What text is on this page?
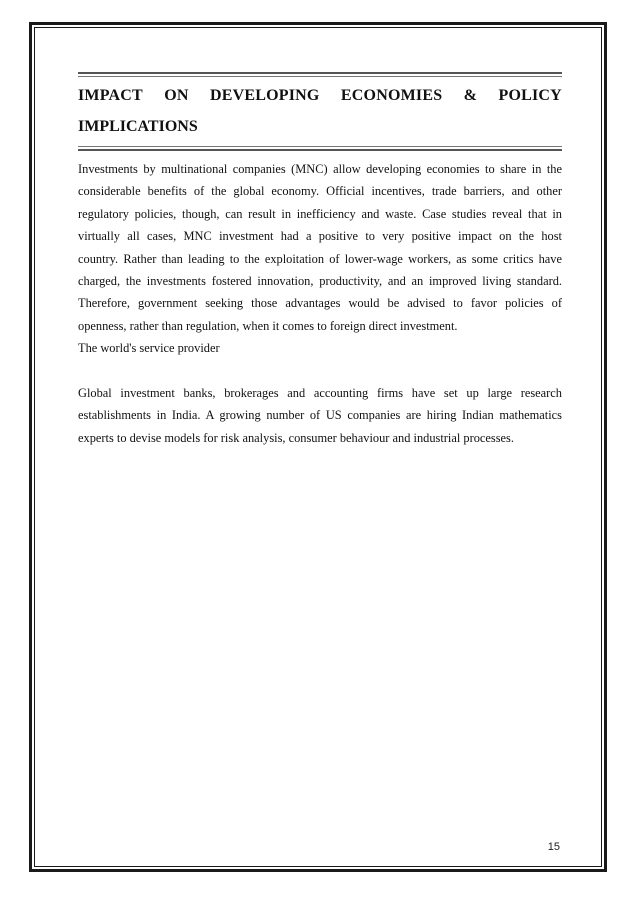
IMPACT ON DEVELOPING ECONOMIES & POLICY
IMPLICATIONS

Investments by multinational companies (MNC) allow developing economies to share in the
considerable benefits of the global economy. Official incentives, trade barriers, and other
regulatory policies, though, can result in inefficiency and waste. Case studies reveal that in
virtually all cases, MNC investment had a positive to very positive impact on the host
country. Rather than leading to the exploitation of lower-wage workers, as some critics have
charged, the investments fostered innovation, productivity, and an improved living standard.
Therefore, government seeking those advantages would be advised to favor policies of
openness, rather than regulation, when it comes to foreign direct investment.

The world's service provider

Global investment banks, brokerages and accounting firms have set up large research
establishments in India. A growing number of US companies are hiring Indian mathematics
experts to devise models for risk analysis, consumer behaviour and industrial processes.

15
